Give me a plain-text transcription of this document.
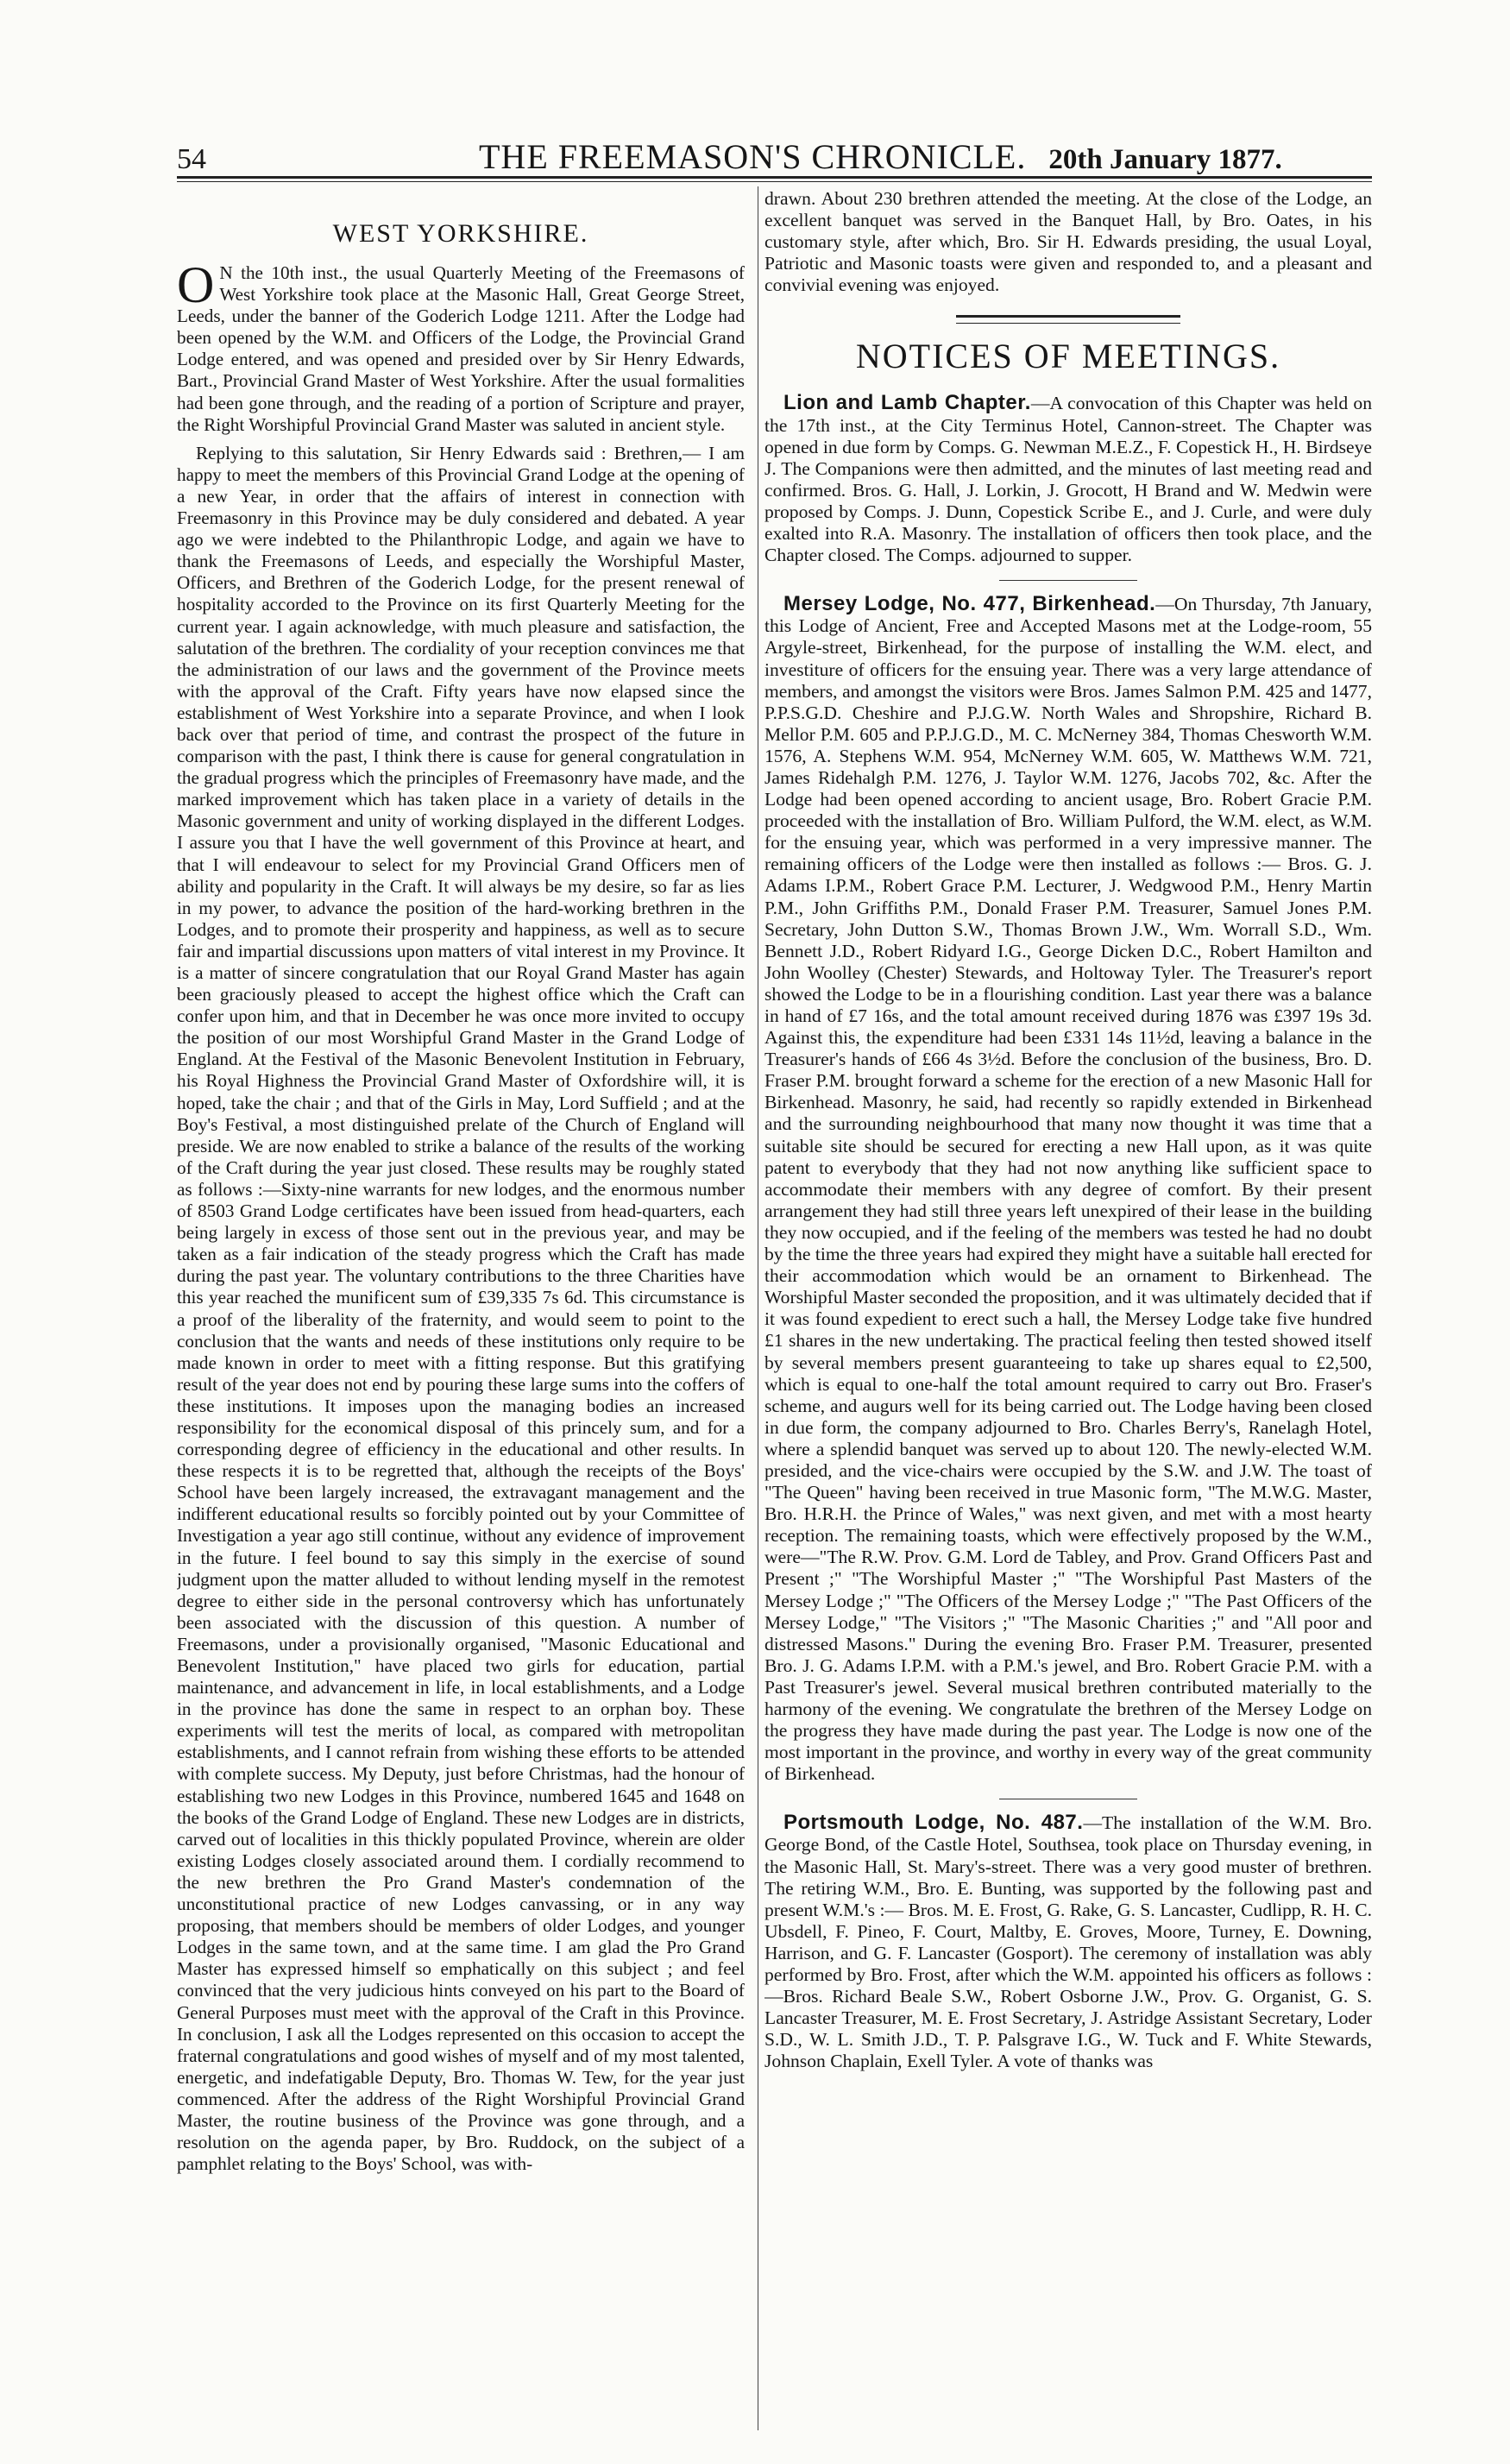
54	THE FREEMASON'S CHRONICLE. 20th January 1877.
WEST YORKSHIRE.

O N the 10th inst., the usual Quarterly Meeting of the Freemasons of West Yorkshire took place at the Masonic Hall, Great George Street, Leeds, under the banner of the Goderich Lodge 1211. After the Lodge had been opened by the W.M. and Officers of the Lodge, the Provincial Grand Lodge entered, and was opened and presided over by Sir Henry Edwards, Bart., Provincial Grand Master of West Yorkshire. After the usual formalities had been gone through, and the reading of a portion of Scripture and prayer, the Right Worshipful Provincial Grand Master was saluted in ancient style.

Replying to this salutation, Sir Henry Edwards said : Brethren,— I am happy to meet the members of this Provincial Grand Lodge at the opening of a new Year, in order that the affairs of interest in connection with Freemasonry in this Province may be duly considered and debated. A year ago we were indebted to the Philanthropic Lodge, and again we have to thank the Freemasons of Leeds, and especially the Worshipful Master, Officers, and Brethren of the Goderich Lodge, for the present renewal of hospitality accorded to the Province on its first Quarterly Meeting for the current year. I again acknowledge, with much pleasure and satisfaction, the salutation of the brethren. The cordiality of your reception convinces me that the administration of our laws and the government of the Province meets with the approval of the Craft. Fifty years have now elapsed since the establishment of West Yorkshire into a separate Province, and when I look back over that period of time, and contrast the prospect of the future in comparison with the past, I think there is cause for general congratulation in the gradual progress which the principles of Freemasonry have made, and the marked improvement which has taken place in a variety of details in the Masonic government and unity of working displayed in the different Lodges. I assure you that I have the well government of this Province at heart, and that I will endeavour to select for my Provincial Grand Officers men of ability and popularity in the Craft. It will always be my desire, so far as lies in my power, to advance the position of the hard-working brethren in the Lodges, and to promote their prosperity and happiness, as well as to secure fair and impartial discussions upon matters of vital interest in my Province. It is a matter of sincere congratulation that our Royal Grand Master has again been graciously pleased to accept the highest office which the Craft can confer upon him, and that in December he was once more invited to occupy the position of our most Worshipful Grand Master in the Grand Lodge of England. At the Festival of the Masonic Benevolent Institution in February, his Royal Highness the Provincial Grand Master of Oxfordshire will, it is hoped, take the chair ; and that of the Girls in May, Lord Suffield ; and at the Boy's Festival, a most distinguished prelate of the Church of England will preside. We are now enabled to strike a balance of the results of the working of the Craft during the year just closed. These results may be roughly stated as follows :—Sixty-nine warrants for new lodges, and the enormous number of 8503 Grand Lodge certificates have been issued from head-quarters, each being largely in excess of those sent out in the previous year, and may be taken as a fair indication of the steady progress which the Craft has made during the past year. The voluntary contributions to the three Charities have this year reached the munificent sum of £39,335 7s 6d. This circumstance is a proof of the liberality of the fraternity, and would seem to point to the conclusion that the wants and needs of these institutions only require to be made known in order to meet with a fitting response. But this gratifying result of the year does not end by pouring these large sums into the coffers of these institutions. It imposes upon the managing bodies an increased responsibility for the economical disposal of this princely sum, and for a corresponding degree of efficiency in the educational and other results. In these respects it is to be regretted that, although the receipts of the Boys' School have been largely increased, the extravagant management and the indifferent educational results so forcibly pointed out by your Committee of Investigation a year ago still continue, without any evidence of improvement in the future. I feel bound to say this simply in the exercise of sound judgment upon the matter alluded to without lending myself in the remotest degree to either side in the personal controversy which has unfortunately been associated with the discussion of this question. A number of Freemasons, under a provisionally organised, "Masonic Educational and Benevolent Institution," have placed two girls for education, partial maintenance, and advancement in life, in local establishments, and a Lodge in the province has done the same in respect to an orphan boy. These experiments will test the merits of local, as compared with metropolitan establishments, and I cannot refrain from wishing these efforts to be attended with complete success. My Deputy, just before Christmas, had the honour of establishing two new Lodges in this Province, numbered 1645 and 1648 on the books of the Grand Lodge of England. These new Lodges are in districts, carved out of localities in this thickly populated Province, wherein are older existing Lodges closely associated around them. I cordially recommend to the new brethren the Pro Grand Master's condemnation of the unconstitutional practice of new Lodges canvassing, or in any way proposing, that members should be members of older Lodges, and younger Lodges in the same town, and at the same time. I am glad the Pro Grand Master has expressed himself so emphatically on this subject ; and feel convinced that the very judicious hints conveyed on his part to the Board of General Purposes must meet with the approval of the Craft in this Province. In conclusion, I ask all the Lodges represented on this occasion to accept the fraternal congratulations and good wishes of myself and of my most talented, energetic, and indefatigable Deputy, Bro. Thomas W. Tew, for the year just commenced. After the address of the Right Worshipful Provincial Grand Master, the routine business of the Province was gone through, and a resolution on the agenda paper, by Bro. Ruddock, on the subject of a pamphlet relating to the Boys' School, was with-

drawn. About 230 brethren attended the meeting. At the close of the Lodge, an excellent banquet was served in the Banquet Hall, by Bro. Oates, in his customary style, after which, Bro. Sir H. Edwards presiding, the usual Loyal, Patriotic and Masonic toasts were given and responded to, and a pleasant and convivial evening was enjoyed.

NOTICES OF MEETINGS.

Lion and Lamb Chapter.—A convocation of this Chapter was held on the 17th inst., at the City Terminus Hotel, Cannon-street. The Chapter was opened in due form by Comps. G. Newman M.E.Z., F. Copestick H., H. Birdseye J. The Companions were then admitted, and the minutes of last meeting read and confirmed. Bros. G. Hall, J. Lorkin, J. Grocott, H Brand and W. Medwin were proposed by Comps. J. Dunn, Copestick Scribe E., and J. Curle, and were duly exalted into R.A. Masonry. The installation of officers then took place, and the Chapter closed. The Comps. adjourned to supper.

Mersey Lodge, No. 477, Birkenhead.—On Thursday, 7th January, this Lodge of Ancient, Free and Accepted Masons met at the Lodge-room, 55 Argyle-street, Birkenhead, for the purpose of installing the W.M. elect, and investiture of officers for the ensuing year. There was a very large attendance of members, and amongst the visitors were Bros. James Salmon P.M. 425 and 1477, P.P.S.G.D. Cheshire and P.J.G.W. North Wales and Shropshire, Richard B. Mellor P.M. 605 and P.P.J.G.D., M. C. McNerney 384, Thomas Chesworth W.M. 1576, A. Stephens W.M. 954, McNerney W.M. 605, W. Matthews W.M. 721, James Ridehalgh P.M. 1276, J. Taylor W.M. 1276, Jacobs 702, &c. After the Lodge had been opened according to ancient usage, Bro. Robert Gracie P.M. proceeded with the installation of Bro. William Pulford, the W.M. elect, as W.M. for the ensuing year, which was performed in a very impressive manner. The remaining officers of the Lodge were then installed as follows :— Bros. G. J. Adams I.P.M., Robert Grace P.M. Lecturer, J. Wedgwood P.M., Henry Martin P.M., John Griffiths P.M., Donald Fraser P.M. Treasurer, Samuel Jones P.M. Secretary, John Dutton S.W., Thomas Brown J.W., Wm. Worrall S.D., Wm. Bennett J.D., Robert Ridyard I.G., George Dicken D.C., Robert Hamilton and John Woolley (Chester) Stewards, and Holtoway Tyler. The Treasurer's report showed the Lodge to be in a flourishing condition. Last year there was a balance in hand of £7 16s, and the total amount received during 1876 was £397 19s 3d. Against this, the expenditure had been £331 14s 11½d, leaving a balance in the Treasurer's hands of £66 4s 3½d. Before the conclusion of the business, Bro. D. Fraser P.M. brought forward a scheme for the erection of a new Masonic Hall for Birkenhead. Masonry, he said, had recently so rapidly extended in Birkenhead and the surrounding neighbourhood that many now thought it was time that a suitable site should be secured for erecting a new Hall upon, as it was quite patent to everybody that they had not now anything like sufficient space to accommodate their members with any degree of comfort. By their present arrangement they had still three years left unexpired of their lease in the building they now occupied, and if the feeling of the members was tested he had no doubt by the time the three years had expired they might have a suitable hall erected for their accommodation which would be an ornament to Birkenhead. The Worshipful Master seconded the proposition, and it was ultimately decided that if it was found expedient to erect such a hall, the Mersey Lodge take five hundred £1 shares in the new undertaking. The practical feeling then tested showed itself by several members present guaranteeing to take up shares equal to £2,500, which is equal to one-half the total amount required to carry out Bro. Fraser's scheme, and augurs well for its being carried out. The Lodge having been closed in due form, the company adjourned to Bro. Charles Berry's, Ranelagh Hotel, where a splendid banquet was served up to about 120. The newly-elected W.M. presided, and the vice-chairs were occupied by the S.W. and J.W. The toast of "The Queen" having been received in true Masonic form, "The M.W.G. Master, Bro. H.R.H. the Prince of Wales," was next given, and met with a most hearty reception. The remaining toasts, which were effectively proposed by the W.M., were—"The R.W. Prov. G.M. Lord de Tabley, and Prov. Grand Officers Past and Present ;" "The Worshipful Master ;" "The Worshipful Past Masters of the Mersey Lodge ;" "The Officers of the Mersey Lodge ;" "The Past Officers of the Mersey Lodge," "The Visitors ;" "The Masonic Charities ;" and "All poor and distressed Masons." During the evening Bro. Fraser P.M. Treasurer, presented Bro. J. G. Adams I.P.M. with a P.M.'s jewel, and Bro. Robert Gracie P.M. with a Past Treasurer's jewel. Several musical brethren contributed materially to the harmony of the evening. We congratulate the brethren of the Mersey Lodge on the progress they have made during the past year. The Lodge is now one of the most important in the province, and worthy in every way of the great community of Birkenhead.

Portsmouth Lodge, No. 487.—The installation of the W.M. Bro. George Bond, of the Castle Hotel, Southsea, took place on Thursday evening, in the Masonic Hall, St. Mary's-street. There was a very good muster of brethren. The retiring W.M., Bro. E. Bunting, was supported by the following past and present W.M.'s :— Bros. M. E. Frost, G. Rake, G. S. Lancaster, Cudlipp, R. H. C. Ubsdell, F. Pineo, F. Court, Maltby, E. Groves, Moore, Turney, E. Downing, Harrison, and G. F. Lancaster (Gosport). The ceremony of installation was ably performed by Bro. Frost, after which the W.M. appointed his officers as follows :—Bros. Richard Beale S.W., Robert Osborne J.W., Prov. G. Organist, G. S. Lancaster Treasurer, M. E. Frost Secretary, J. Astridge Assistant Secretary, Loder S.D., W. L. Smith J.D., T. P. Palsgrave I.G., W. Tuck and F. White Stewards, Johnson Chaplain, Exell Tyler. A vote of thanks was
